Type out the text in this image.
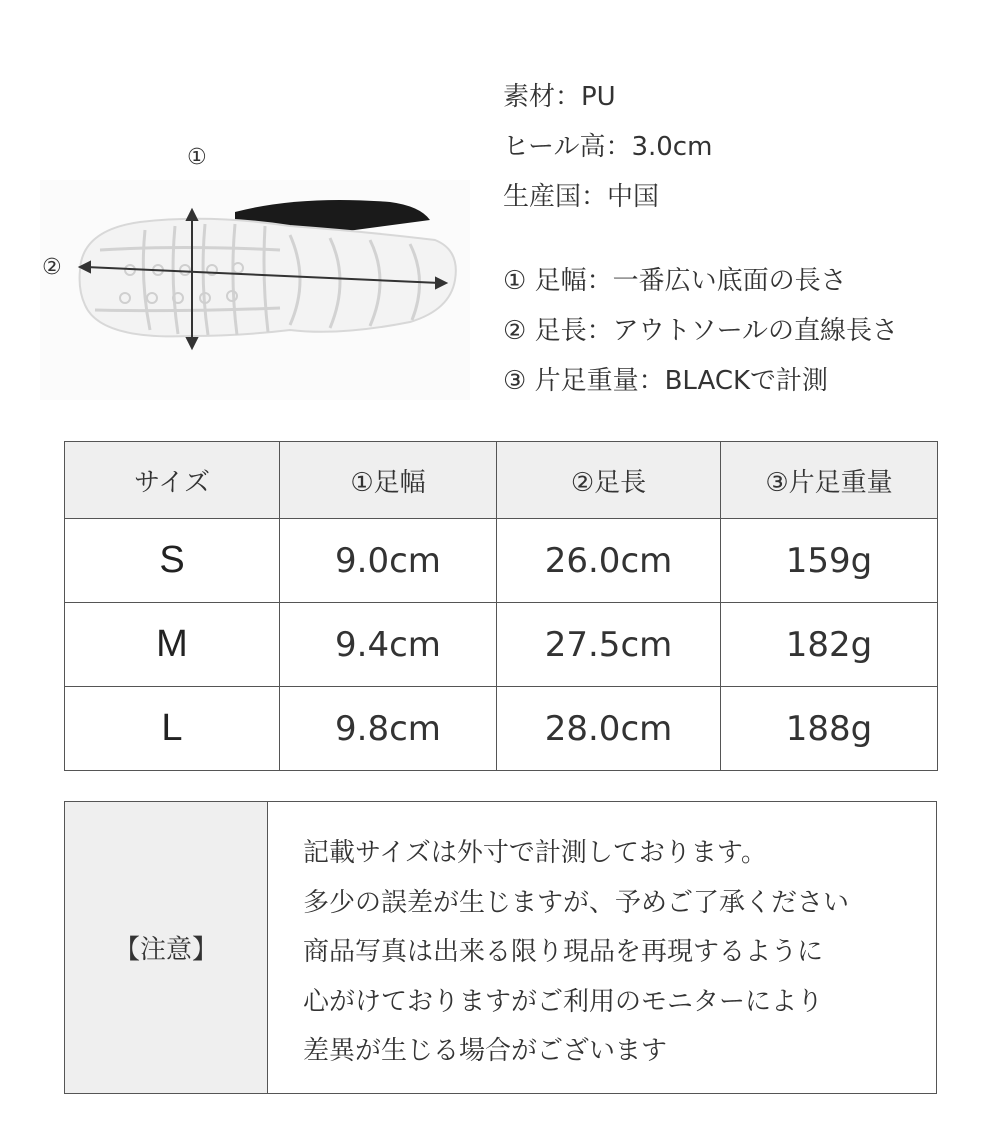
①
②
素材：PU
ヒール高：3.0cm
生産国：中国
① 足幅：一番広い底面の長さ
② 足長：アウトソールの直線長さ
③ 片足重量：BLACKで計測
サイズ	①足幅	②足長	③片足重量
S	9.0cm	26.0cm	159g
M	9.4cm	27.5cm	182g
L	9.8cm	28.0cm	188g
【注意】
記載サイズは外寸で計測しております。
多少の誤差が生じますが、予めご了承ください
商品写真は出来る限り現品を再現するように
心がけておりますがご利用のモニターにより
差異が生じる場合がございます
